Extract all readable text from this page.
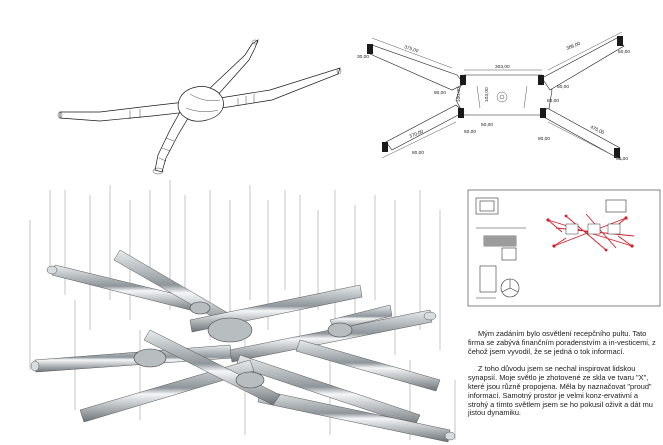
30,00
375,00
303,00
386,00
50,00
80,00 100,00	103,00	50,00
80,00
50,00
50,00
370,00	80,00
470,00
80,00
50,00

Mým zadáním bylo osvětlení recepčního pultu. Tato firma se zabývá finančním poradenstvím a in-vesticemi, z čehož jsem vyvodil, že se jedná o tok informací.

Z toho důvodu jsem se nechal inspirovat lidskou synapsií. Moje světlo je zhotovené ze skla ve tvaru "X", které jsou různě propojena. Měla by naznačovat "proud" informací. Samotný prostor je velmi konz-ervativní a strohý a tímto světlem jsem se ho pokusil oživit a dát mu jistou dynamiku.
